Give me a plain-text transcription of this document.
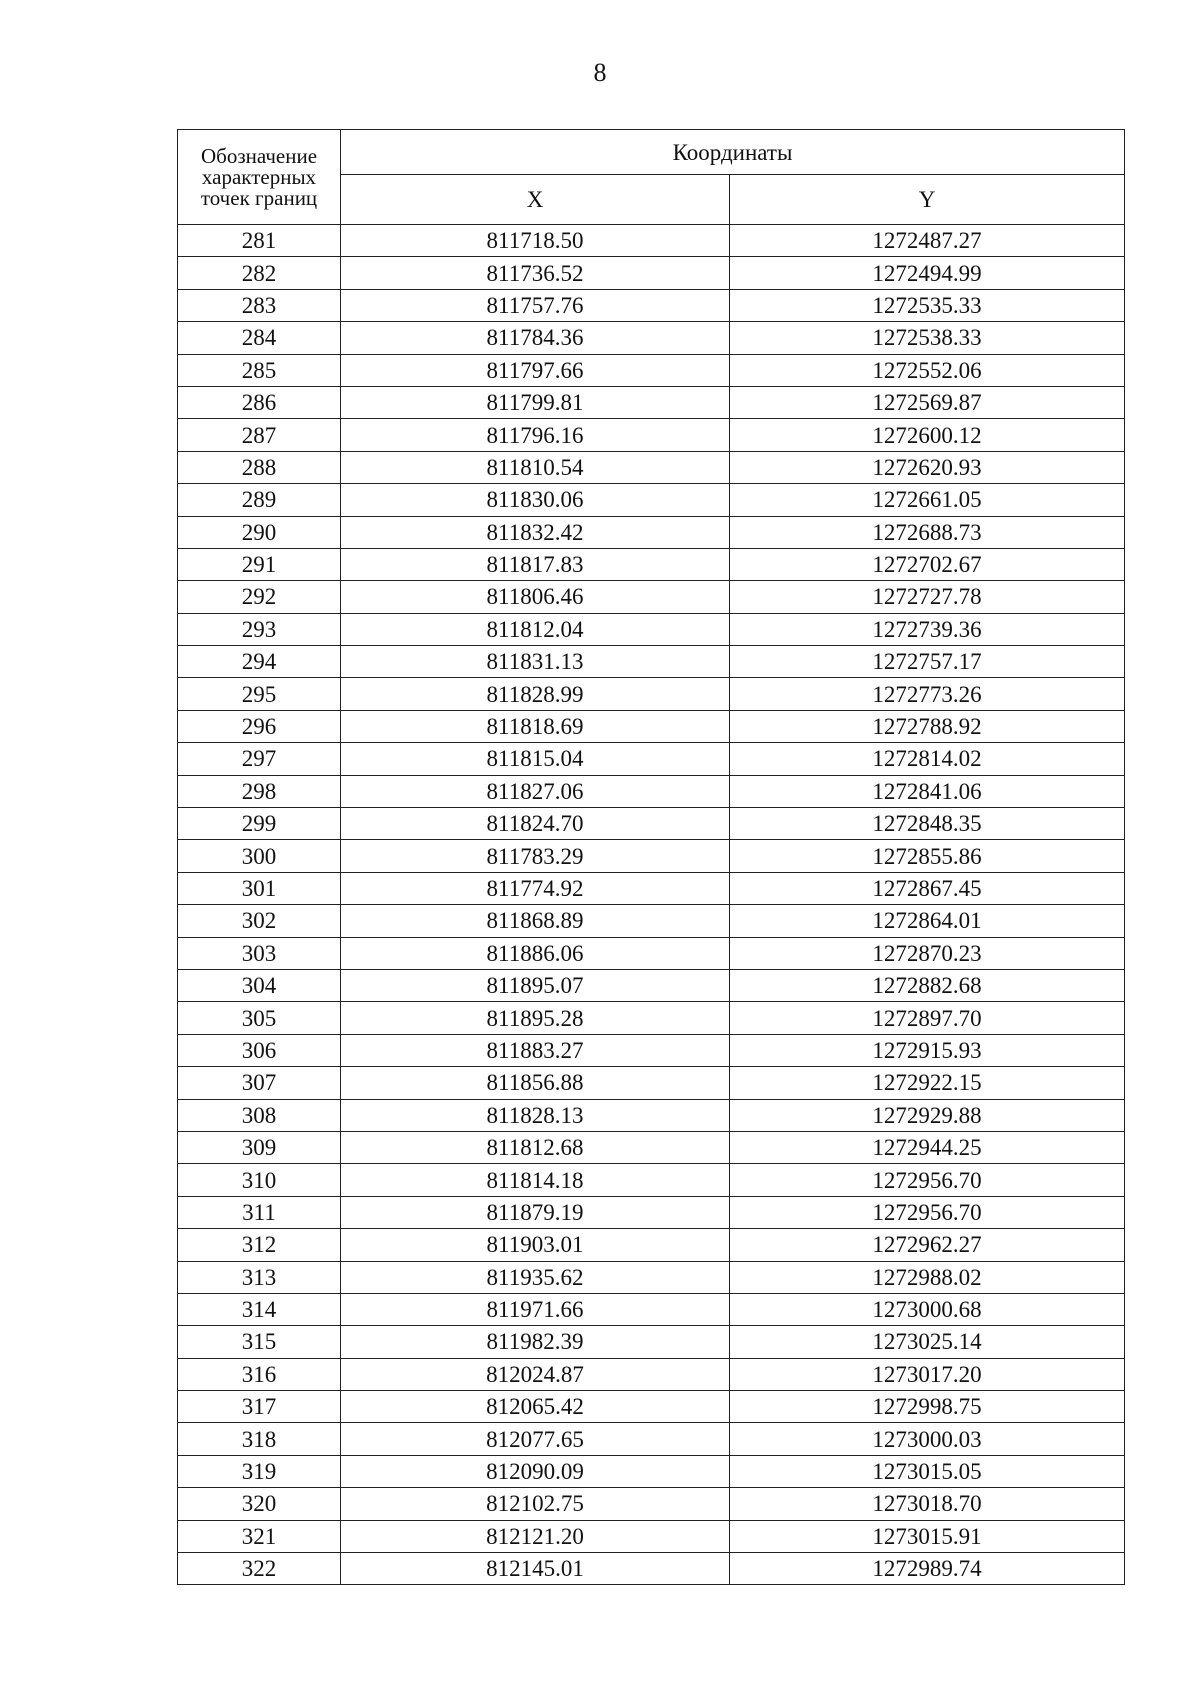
8
Обозначение характерных точек границ	Координаты	
	X	Y
281	811718.50	1272487.27
282	811736.52	1272494.99
283	811757.76	1272535.33
284	811784.36	1272538.33
285	811797.66	1272552.06
286	811799.81	1272569.87
287	811796.16	1272600.12
288	811810.54	1272620.93
289	811830.06	1272661.05
290	811832.42	1272688.73
291	811817.83	1272702.67
292	811806.46	1272727.78
293	811812.04	1272739.36
294	811831.13	1272757.17
295	811828.99	1272773.26
296	811818.69	1272788.92
297	811815.04	1272814.02
298	811827.06	1272841.06
299	811824.70	1272848.35
300	811783.29	1272855.86
301	811774.92	1272867.45
302	811868.89	1272864.01
303	811886.06	1272870.23
304	811895.07	1272882.68
305	811895.28	1272897.70
306	811883.27	1272915.93
307	811856.88	1272922.15
308	811828.13	1272929.88
309	811812.68	1272944.25
310	811814.18	1272956.70
311	811879.19	1272956.70
312	811903.01	1272962.27
313	811935.62	1272988.02
314	811971.66	1273000.68
315	811982.39	1273025.14
316	812024.87	1273017.20
317	812065.42	1272998.75
318	812077.65	1273000.03
319	812090.09	1273015.05
320	812102.75	1273018.70
321	812121.20	1273015.91
322	812145.01	1272989.74
